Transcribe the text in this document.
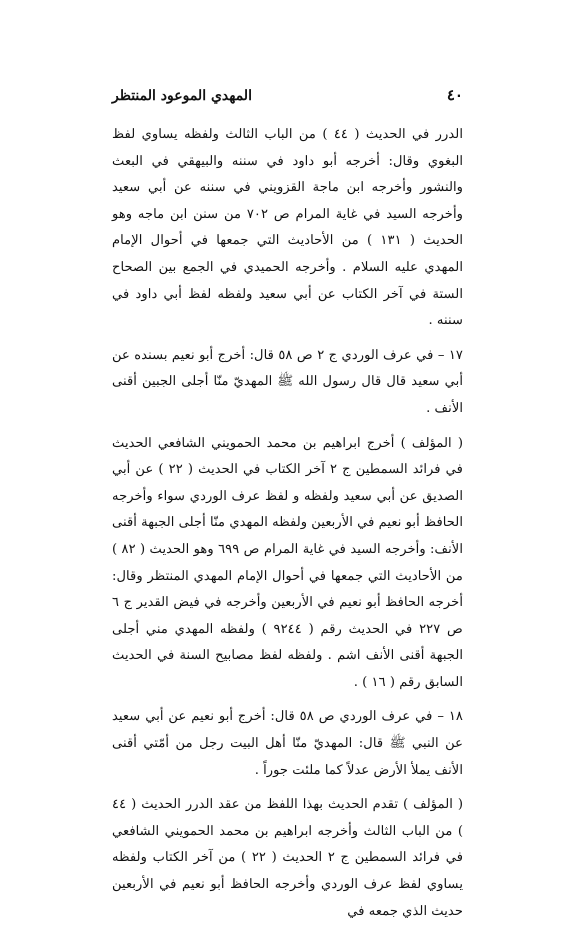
٤٠
المهدي الموعود المنتظر

الدرر في الحديث ( ٤٤ ) من الباب الثالث ولفظه يساوي لفظ البغوي وقال: أخرجه أبو داود في سننه والبيهقي في البعث والنشور وأخرجه ابن ماجة القزويني في سننه عن أبي سعيد وأخرجه السيد في غاية المرام ص ٧٠٢ من سنن ابن ماجه وهو الحديث ( ١٣١ ) من الأحاديث التي جمعها في أحوال الإمام المهدي عليه السلام . وأخرجه الحميدي في الجمع بين الصحاح الستة في آخر الكتاب عن أبي سعيد ولفظه لفظ أبي داود في سننه .

١٧ – في عرف الوردي ج ٢ ص ٥٨ قال: أخرج أبو نعيم بسنده عن أبي سعيد قال قال رسول الله ﷺ المهديّ منّا أجلى الجبين أقنى الأنف .

( المؤلف ) أخرج ابراهيم بن محمد الحمويني الشافعي الحديث في فرائد السمطين ج ٢ آخر الكتاب في الحديث ( ٢٢ ) عن أبي الصديق عن أبي سعيد ولفظه و لفظ عرف الوردي سواء وأخرجه الحافظ أبو نعيم في الأربعين ولفظه المهدي منّا أجلى الجبهة أقنى الأنف: وأخرجه السيد في غاية المرام ص ٦٩٩ وهو الحديث ( ٨٢ ) من الأحاديث التي جمعها في أحوال الإمام المهدي المنتظر وقال: أخرجه الحافظ أبو نعيم في الأربعين وأخرجه في فيض القدير ج ٦ ص ٢٢٧ في الحديث رقم ( ٩٢٤٤ ) ولفظه المهدي مني أجلى الجبهة أقنى الأنف اشم . ولفظه لفظ مصابيح السنة في الحديث السابق رقم ( ١٦ ) .

١٨ – في عرف الوردي ص ٥٨ قال: أخرج أبو نعيم عن أبي سعيد عن النبي ﷺ قال: المهديّ منّا أهل البيت رجل من أمّتي أقنى الأنف يملأ الأرض عدلاً كما ملئت جوراً .

( المؤلف ) تقدم الحديث بهذا اللفظ من عقد الدرر الحديث ( ٤٤ ) من الباب الثالث وأخرجه ابراهيم بن محمد الحمويني الشافعي في فرائد السمطين ج ٢ الحديث ( ٢٢ ) من آخر الكتاب ولفظه يساوي لفظ عرف الوردي وأخرجه الحافظ أبو نعيم في الأربعين حديث الذي جمعه في
